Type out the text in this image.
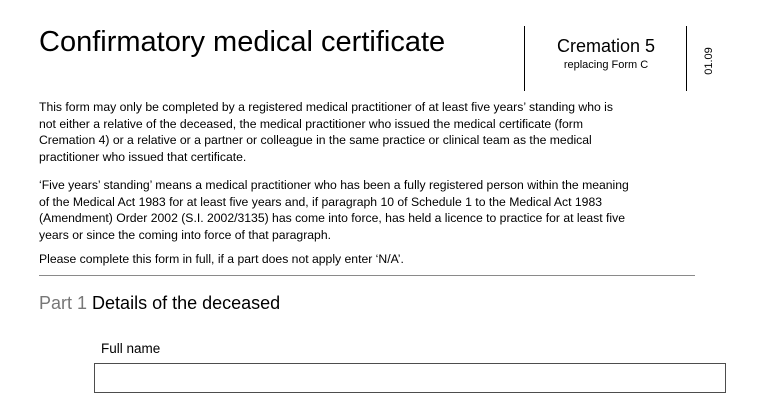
Confirmatory medical certificate	Cremation 5
replacing Form C	01.09

This form may only be completed by a registered medical practitioner of at least five years’ standing who is not either a relative of the deceased, the medical practitioner who issued the medical certificate (form Cremation 4) or a relative or a partner or colleague in the same practice or clinical team as the medical practitioner who issued that certificate.

‘Five years’ standing’ means a medical practitioner who has been a fully registered person within the meaning of the Medical Act 1983 for at least five years and, if paragraph 10 of Schedule 1 to the Medical Act 1983 (Amendment) Order 2002 (S.I. 2002/3135) has come into force, has held a licence to practice for at least five years or since the coming into force of that paragraph.

Please complete this form in full, if a part does not apply enter ‘N/A’.

Part 1 Details of the deceased
Full name
